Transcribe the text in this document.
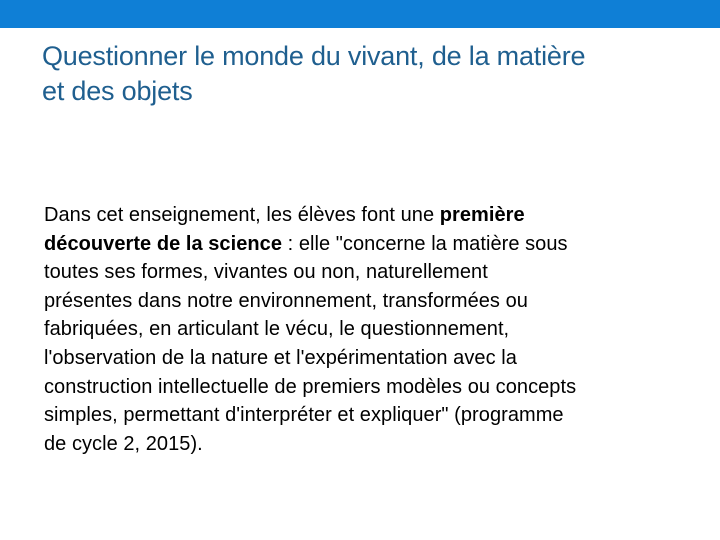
Questionner le monde du vivant, de la matière
et des objets

Dans cet enseignement, les élèves font une première
découverte de la science : elle "concerne la matière sous
toutes ses formes, vivantes ou non, naturellement
présentes dans notre environnement, transformées ou
fabriquées, en articulant le vécu, le questionnement,
l'observation de la nature et l'expérimentation avec la
construction intellectuelle de premiers modèles ou concepts
simples, permettant d'interpréter et expliquer" (programme
de cycle 2, 2015).
